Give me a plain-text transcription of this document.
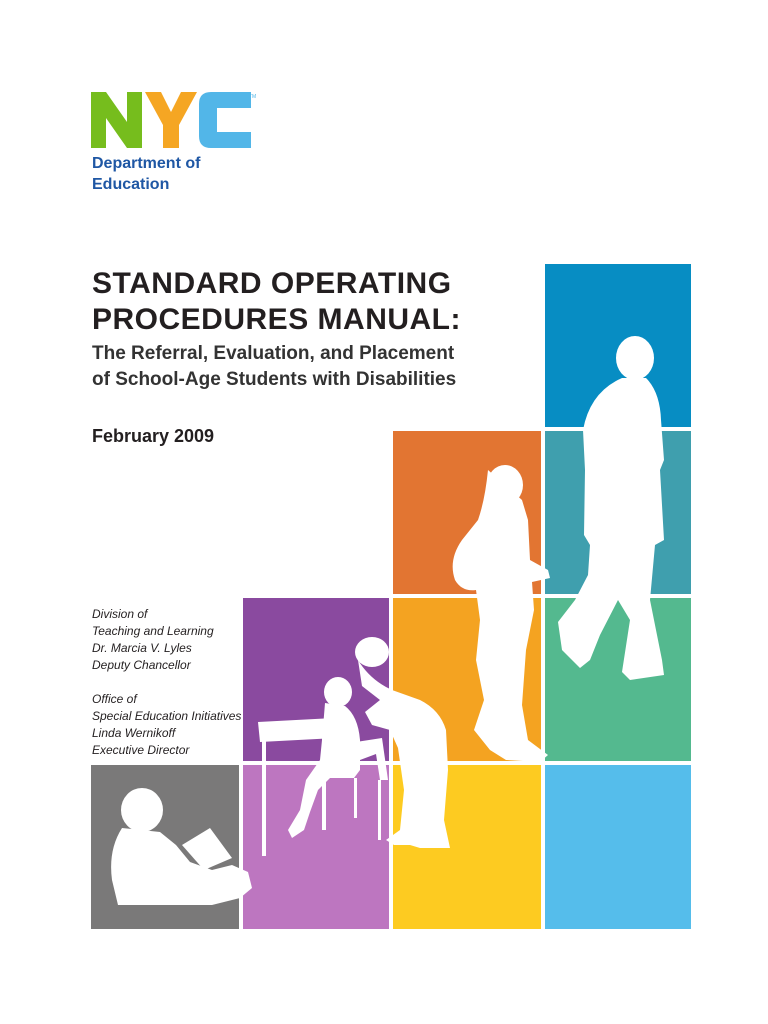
TM
Department of
Education
STANDARD OPERATING
PROCEDURES MANUAL:
The Referral, Evaluation, and Placement
of School-Age Students with Disabilities
February 2009
Division of
Teaching and Learning
Dr. Marcia V. Lyles
Deputy Chancellor
Office of
Special Education Initiatives
Linda Wernikoff
Executive Director
